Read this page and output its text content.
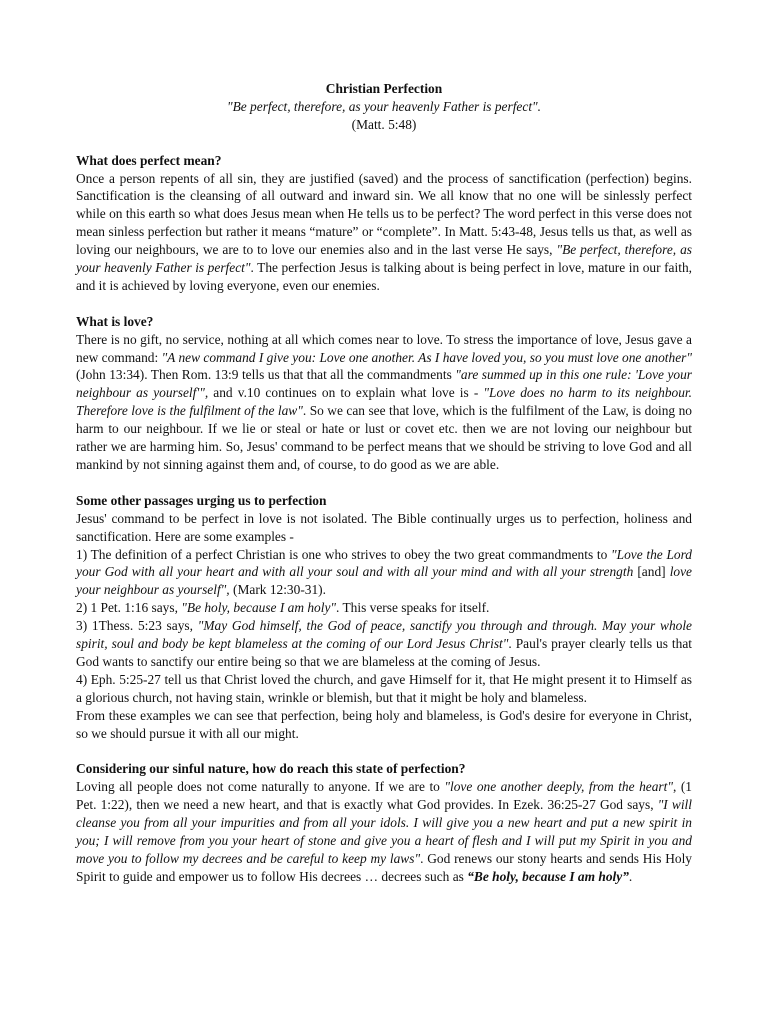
Christian Perfection
"Be perfect, therefore, as your heavenly Father is perfect".
(Matt. 5:48)
What does perfect mean?
Once a person repents of all sin, they are justified (saved) and the process of sanctification (perfection) begins. Sanctification is the cleansing of all outward and inward sin. We all know that no one will be sinlessly perfect while on this earth so what does Jesus mean when He tells us to be perfect? The word perfect in this verse does not mean sinless perfection but rather it means “mature” or “complete”. In Matt. 5:43-48, Jesus tells us that, as well as loving our neighbours, we are to to love our enemies also and in the last verse He says, "Be perfect, therefore, as your heavenly Father is perfect". The perfection Jesus is talking about is being perfect in love, mature in our faith, and it is achieved by loving everyone, even our enemies.
What is love?
There is no gift, no service, nothing at all which comes near to love. To stress the importance of love, Jesus gave a new command: "A new command I give you: Love one another. As I have loved you, so you must love one another" (John 13:34). Then Rom. 13:9 tells us that that all the commandments "are summed up in this one rule: 'Love your neighbour as yourself'", and v.10 continues on to explain what love is - "Love does no harm to its neighbour. Therefore love is the fulfilment of the law". So we can see that love, which is the fulfilment of the Law, is doing no harm to our neighbour. If we lie or steal or hate or lust or covet etc. then we are not loving our neighbour but rather we are harming him. So, Jesus' command to be perfect means that we should be striving to love God and all mankind by not sinning against them and, of course, to do good as we are able.
Some other passages urging us to perfection
Jesus' command to be perfect in love is not isolated. The Bible continually urges us to perfection, holiness and sanctification. Here are some examples -
1) The definition of a perfect Christian is one who strives to obey the two great commandments to "Love the Lord your God with all your heart and with all your soul and with all your mind and with all your strength [and] love your neighbour as yourself", (Mark 12:30-31).
2) 1 Pet. 1:16 says, "Be holy, because I am holy". This verse speaks for itself.
3) 1Thess. 5:23 says, "May God himself, the God of peace, sanctify you through and through. May your whole spirit, soul and body be kept blameless at the coming of our Lord Jesus Christ". Paul's prayer clearly tells us that God wants to sanctify our entire being so that we are blameless at the coming of Jesus.
4) Eph. 5:25-27 tell us that Christ loved the church, and gave Himself for it, that He might present it to Himself as a glorious church, not having stain, wrinkle or blemish, but that it might be holy and blameless.
From these examples we can see that perfection, being holy and blameless, is God's desire for everyone in Christ, so we should pursue it with all our might.
Considering our sinful nature, how do reach this state of perfection?
Loving all people does not come naturally to anyone. If we are to "love one another deeply, from the heart", (1 Pet. 1:22), then we need a new heart, and that is exactly what God provides. In Ezek. 36:25-27 God says, "I will cleanse you from all your impurities and from all your idols. I will give you a new heart and put a new spirit in you; I will remove from you your heart of stone and give you a heart of flesh and I will put my Spirit in you and move you to follow my decrees and be careful to keep my laws". God renews our stony hearts and sends His Holy Spirit to guide and empower us to follow His decrees … decrees such as “Be holy, because I am holy”.
